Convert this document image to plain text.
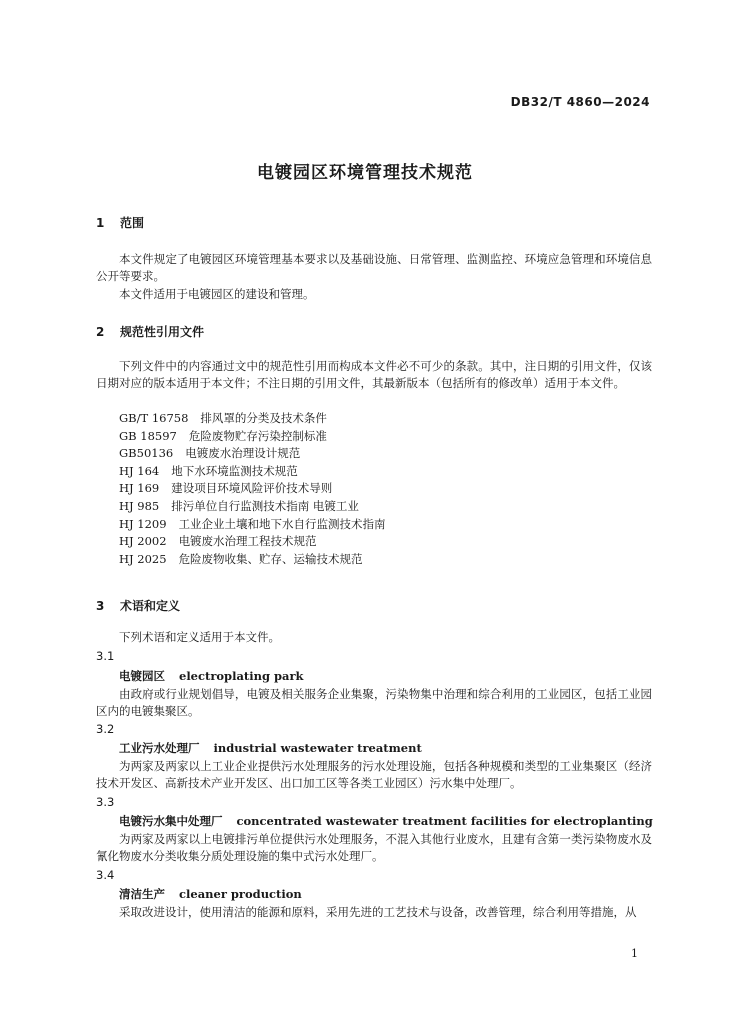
DB32/T 4860—2024
电镀园区环境管理技术规范
1 范围

本文件规定了电镀园区环境管理基本要求以及基础设施、日常管理、监测监控、环境应急管理和环境信息公开等要求。

本文件适用于电镀园区的建设和管理。

2 规范性引用文件

下列文件中的内容通过文中的规范性引用而构成本文件必不可少的条款。其中，注日期的引用文件，仅该日期对应的版本适用于本文件；不注日期的引用文件，其最新版本（包括所有的修改单）适用于本文件。

GB/T 16758 排风罩的分类及技术条件
GB 18597 危险废物贮存污染控制标准
GB50136 电镀废水治理设计规范
HJ 164 地下水环境监测技术规范
HJ 169 建设项目环境风险评价技术导则
HJ 985 排污单位自行监测技术指南 电镀工业
HJ 1209 工业企业土壤和地下水自行监测技术指南
HJ 2002 电镀废水治理工程技术规范
HJ 2025 危险废物收集、贮存、运输技术规范
3 术语和定义

下列术语和定义适用于本文件。

3.1
电镀园区 electroplating park

由政府或行业规划倡导，电镀及相关服务企业集聚，污染物集中治理和综合利用的工业园区，包括工业园区内的电镀集聚区。

3.2
工业污水处理厂 industrial wastewater treatment

为两家及两家以上工业企业提供污水处理服务的污水处理设施，包括各种规模和类型的工业集聚区（经济技术开发区、高新技术产业开发区、出口加工区等各类工业园区）污水集中处理厂。

3.3
电镀污水集中处理厂 concentrated wastewater treatment facilities for electroplanting

为两家及两家以上电镀排污单位提供污水处理服务，不混入其他行业废水，且建有含第一类污染物废水及氰化物废水分类收集分质处理设施的集中式污水处理厂。

3.4
清洁生产 cleaner production

采取改进设计，使用清洁的能源和原料，采用先进的工艺技术与设备，改善管理，综合利用等措施，从

1
